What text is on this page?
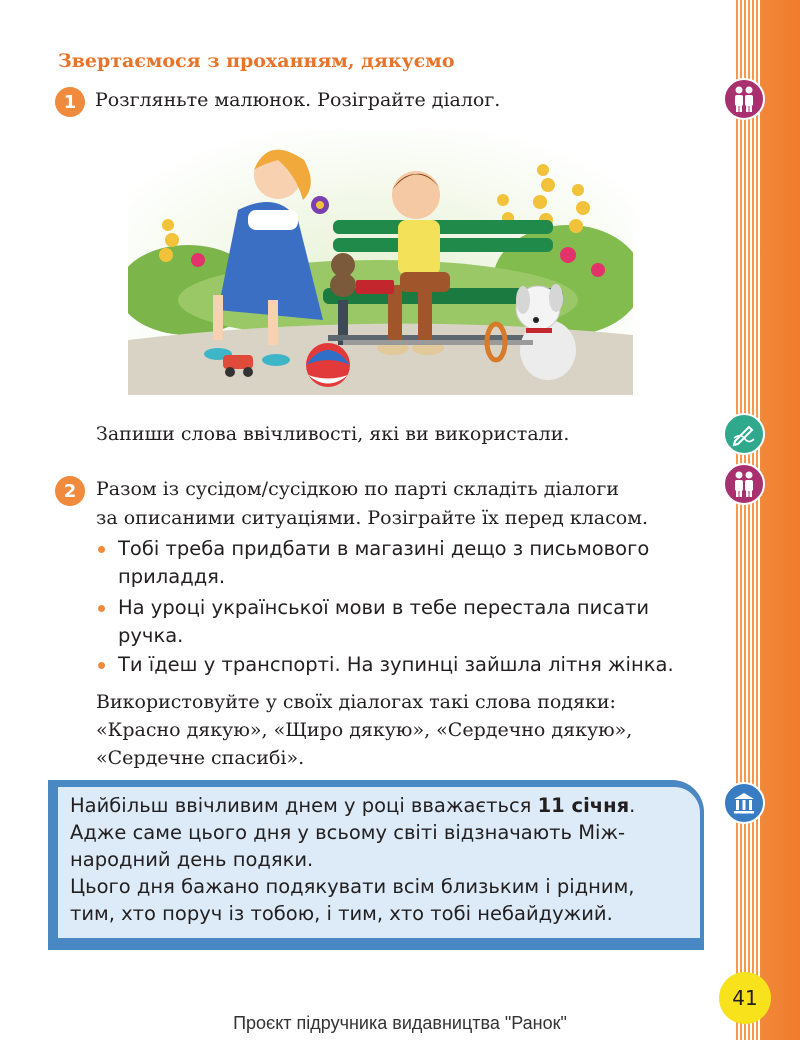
Звертаємося з проханням, дякуємо
1 Розгляньте малюнок. Розіграйте діалог.
Запиши слова ввічливості, які ви використали.
2	Разом із сусідом/сусідкою по парті складіть діалоги
за описаними ситуаціями. Розіграйте їх перед класом.
Тобі треба придбати в магазині дещо з письмового
приладдя.
На уроці української мови в тебе перестала писати
ручка.
Ти їдеш у транспорті. На зупинці зайшла літня жінка.
Використовуйте у своїх діалогах такі слова подяки:
«Красно дякую», «Щиро дякую», «Сердечно дякую»,
«Сердечне спасибі».
Найбільш ввічливим днем у році вважається 11 січня.
Адже саме цього дня у всьому світі відзначають Між-
народний день подяки.
Цього дня бажано подякувати всім близьким і рідним,
тим, хто поруч із тобою, і тим, хто тобі небайдужий.
41
Проєкт підручника видавництва "Ранок"
